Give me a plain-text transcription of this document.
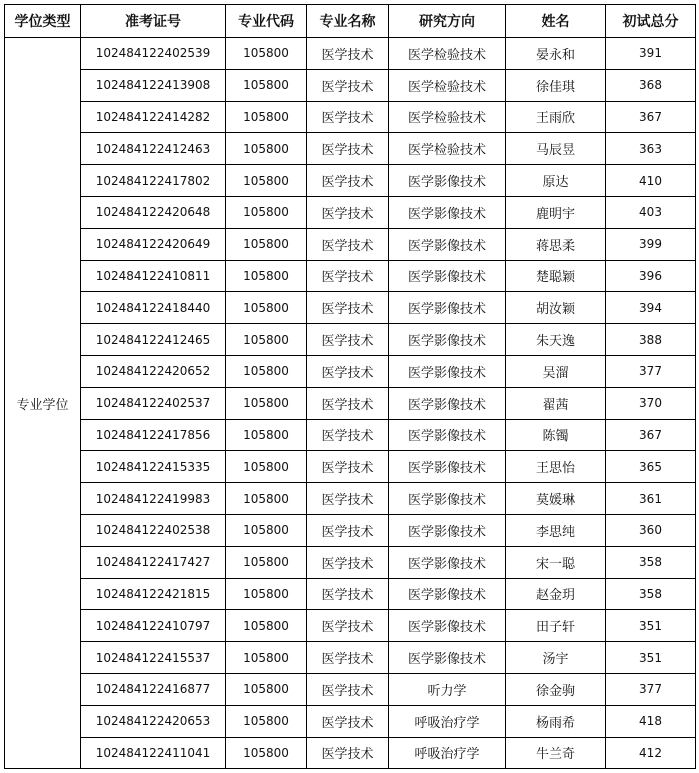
学位类型	准考证号	专业代码	专业名称	研究方向	姓名	初试总分
专业学位	102484122402539	105800	医学技术	医学检验技术	晏永和	391
	102484122413908	105800	医学技术	医学检验技术	徐佳琪	368
	102484122414282	105800	医学技术	医学检验技术	王雨欣	367
	102484122412463	105800	医学技术	医学检验技术	马辰昱	363
	102484122417802	105800	医学技术	医学影像技术	原达	410
	102484122420648	105800	医学技术	医学影像技术	鹿明宇	403
	102484122420649	105800	医学技术	医学影像技术	蒋思柔	399
	102484122410811	105800	医学技术	医学影像技术	楚聪颖	396
	102484122418440	105800	医学技术	医学影像技术	胡汝颖	394
	102484122412465	105800	医学技术	医学影像技术	朱天逸	388
	102484122420652	105800	医学技术	医学影像技术	吴溜	377
	102484122402537	105800	医学技术	医学影像技术	翟茜	370
	102484122417856	105800	医学技术	医学影像技术	陈镯	367
	102484122415335	105800	医学技术	医学影像技术	王思怡	365
	102484122419983	105800	医学技术	医学影像技术	莫媛琳	361
	102484122402538	105800	医学技术	医学影像技术	李思纯	360
	102484122417427	105800	医学技术	医学影像技术	宋一聪	358
	102484122421815	105800	医学技术	医学影像技术	赵金玥	358
	102484122410797	105800	医学技术	医学影像技术	田子轩	351
	102484122415537	105800	医学技术	医学影像技术	汤宇	351
	102484122416877	105800	医学技术	听力学	徐金驹	377
	102484122420653	105800	医学技术	呼吸治疗学	杨雨希	418
	102484122411041	105800	医学技术	呼吸治疗学	牛兰奇	412
